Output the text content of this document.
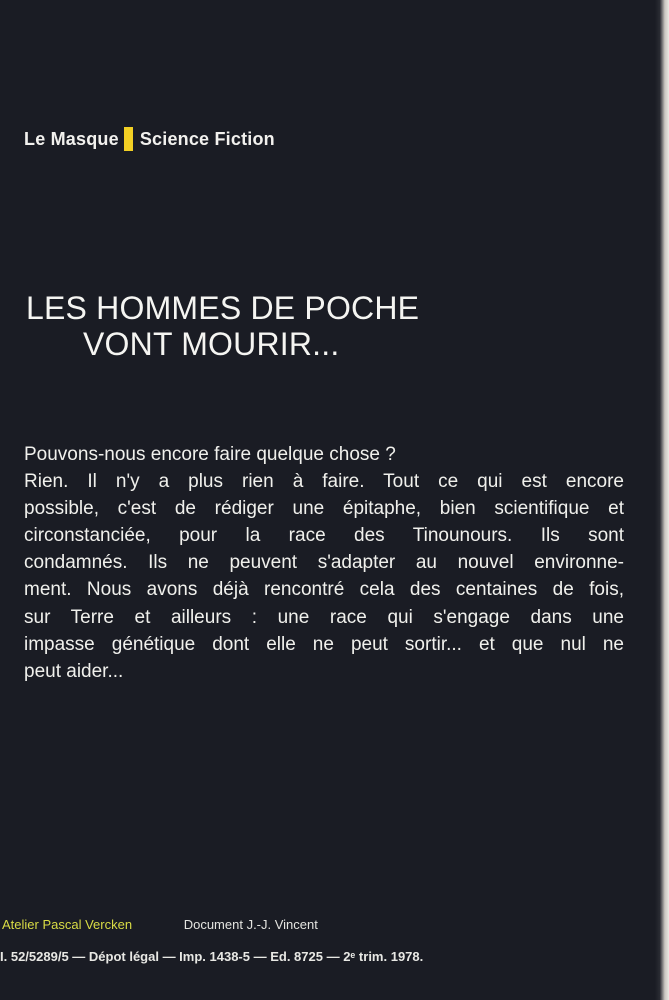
Le Masque Science Fiction
LES HOMMES DE POCHE
VONT MOURIR...

Pouvons-nous encore faire quelque chose ?

Rien. Il n'y a plus rien à faire. Tout ce qui est encore
possible, c'est de rédiger une épitaphe, bien scientifique et
circonstanciée, pour la race des Tinounours. Ils sont
condamnés. Ils ne peuvent s'adapter au nouvel environne-
ment. Nous avons déjà rencontré cela des centaines de fois,
sur Terre et ailleurs : une race qui s'engage dans une
impasse génétique dont elle ne peut sortir... et que nul ne
peut aider...

Atelier Pascal Vercken	Document J.-J. Vincent
I. 52/5289/5 — Dépot légal — Imp. 1438-5 — Ed. 8725 — 2ᵉ trim. 1978.
